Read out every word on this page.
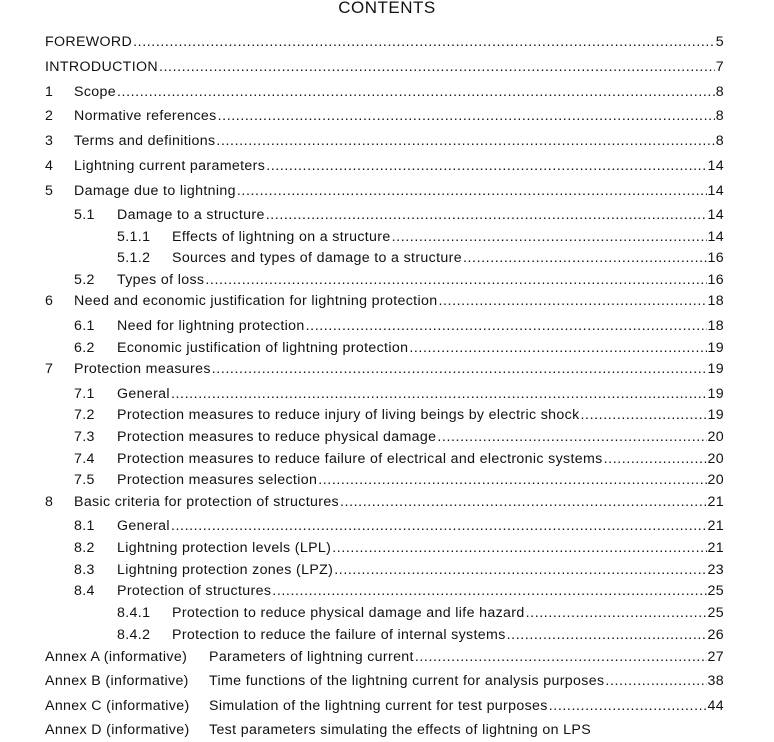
CONTENTS
FOREWORD .....	5
INTRODUCTION .....	7
1	Scope .....	8
2	Normative references .....	8
3	Terms and definitions .....	8
4	Lightning current parameters .....	14
5	Damage due to lightning .....	14
5.1	Damage to a structure .....	14
5.1.1	Effects of lightning on a structure .....	14
5.1.2	Sources and types of damage to a structure .....	16
5.2	Types of loss .....	16
6	Need and economic justification for lightning protection .....	18
6.1	Need for lightning protection .....	18
6.2	Economic justification of lightning protection .....	19
7	Protection measures .....	19
7.1	General .....	19
7.2	Protection measures to reduce injury of living beings by electric shock .....	19
7.3	Protection measures to reduce physical damage .....	20
7.4	Protection measures to reduce failure of electrical and electronic systems .....	20
7.5	Protection measures selection .....	20
8	Basic criteria for protection of structures .....	21
8.1	General .....	21
8.2	Lightning protection levels (LPL) .....	21
8.3	Lightning protection zones (LPZ) .....	23
8.4	Protection of structures .....	25
8.4.1	Protection to reduce physical damage and life hazard .....	25
8.4.2	Protection to reduce the failure of internal systems .....	26
Annex A (informative)	Parameters of lightning current .....	27
Annex B (informative)	Time functions of the lightning current for analysis purposes .....	38
Annex C (informative)	Simulation of the lightning current for test purposes .....	44
Annex D (informative)	Test parameters simulating the effects of lightning on LPS
